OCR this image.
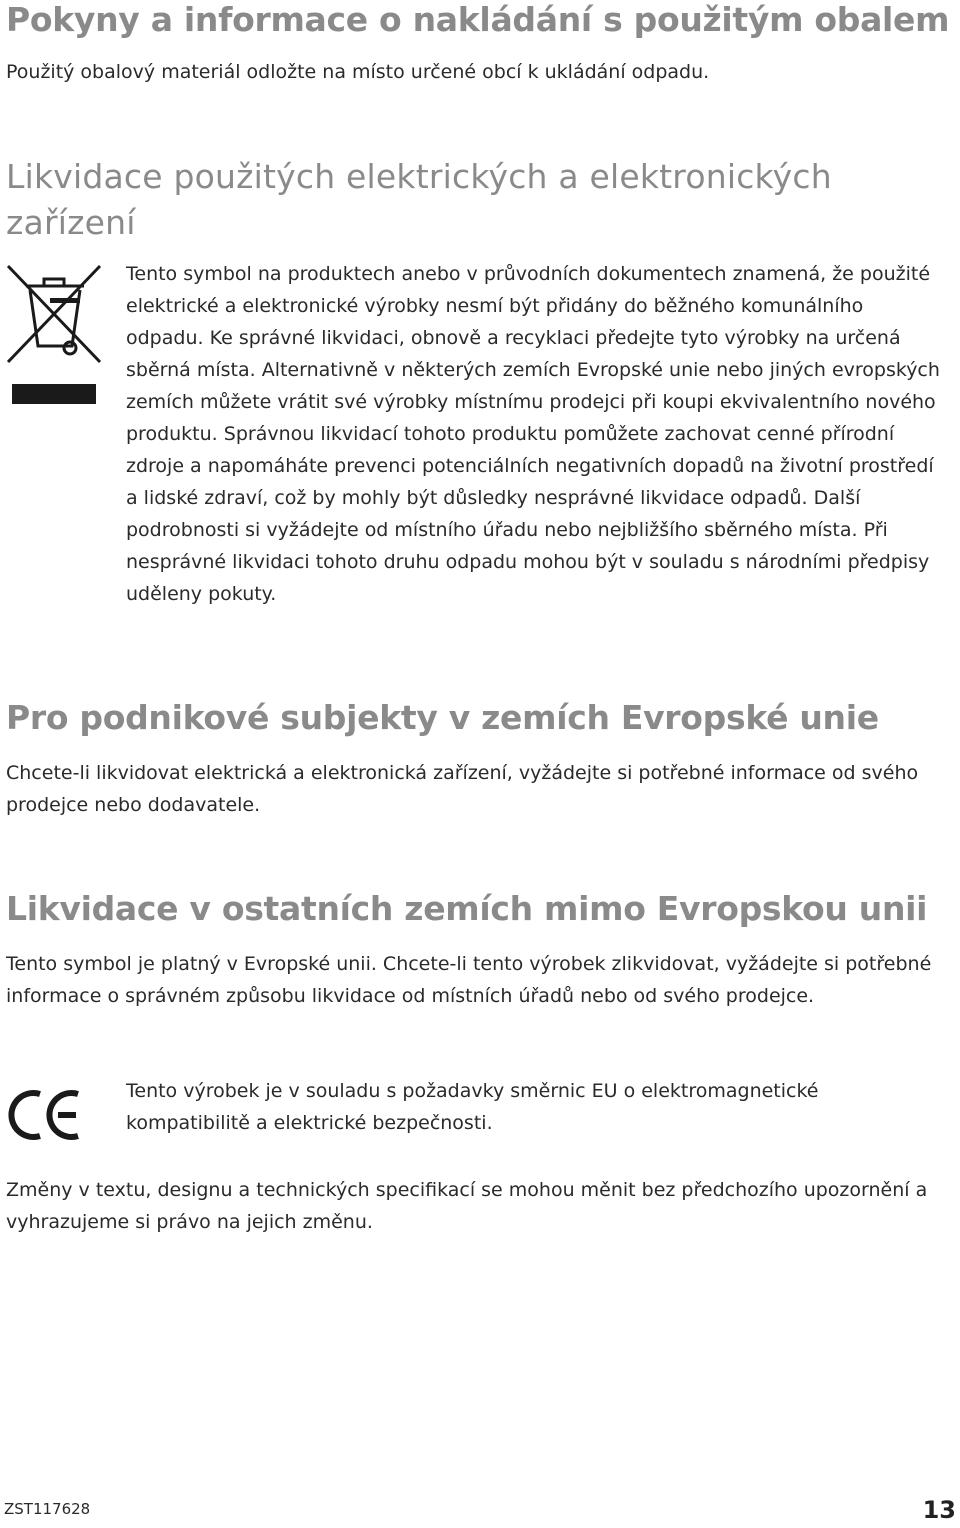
Pokyny a informace o nakládání s použitým obalem

Použitý obalový materiál odložte na místo určené obcí k ukládání odpadu.

Likvidace použitých elektrických a elektronických zařízení

Tento symbol na produktech anebo v průvodních dokumentech znamená, že použité elektrické a elektronické výrobky nesmí být přidány do běžného komunálního odpadu. Ke správné likvidaci, obnově a recyklaci předejte tyto výrobky na určená sběrná místa. Alternativně v některých zemích Evropské unie nebo jiných evropských zemích můžete vrátit své výrobky místnímu prodejci při koupi ekvivalentního nového produktu. Správnou likvidací tohoto produktu pomůžete zachovat cenné přírodní zdroje a napomáháte prevenci potenciálních negativních dopadů na životní prostředí a lidské zdraví, což by mohly být důsledky nesprávné likvidace odpadů. Další podrobnosti si vyžádejte od místního úřadu nebo nejbližšího sběrného místa. Při nesprávné likvidaci tohoto druhu odpadu mohou být v souladu s národními předpisy uděleny pokuty.

Pro podnikové subjekty v zemích Evropské unie

Chcete-li likvidovat elektrická a elektronická zařízení, vyžádejte si potřebné informace od svého prodejce nebo dodavatele.

Likvidace v ostatních zemích mimo Evropskou unii

Tento symbol je platný v Evropské unii. Chcete-li tento výrobek zlikvidovat, vyžádejte si potřebné informace o správném způsobu likvidace od místních úřadů nebo od svého prodejce.

Tento výrobek je v souladu s požadavky směrnic EU o elektromagnetické kompatibilitě a elektrické bezpečnosti.

Změny v textu, designu a technických specifikací se mohou měnit bez předchozího upozornění a vyhrazujeme si právo na jejich změnu.

ZST117628	13
